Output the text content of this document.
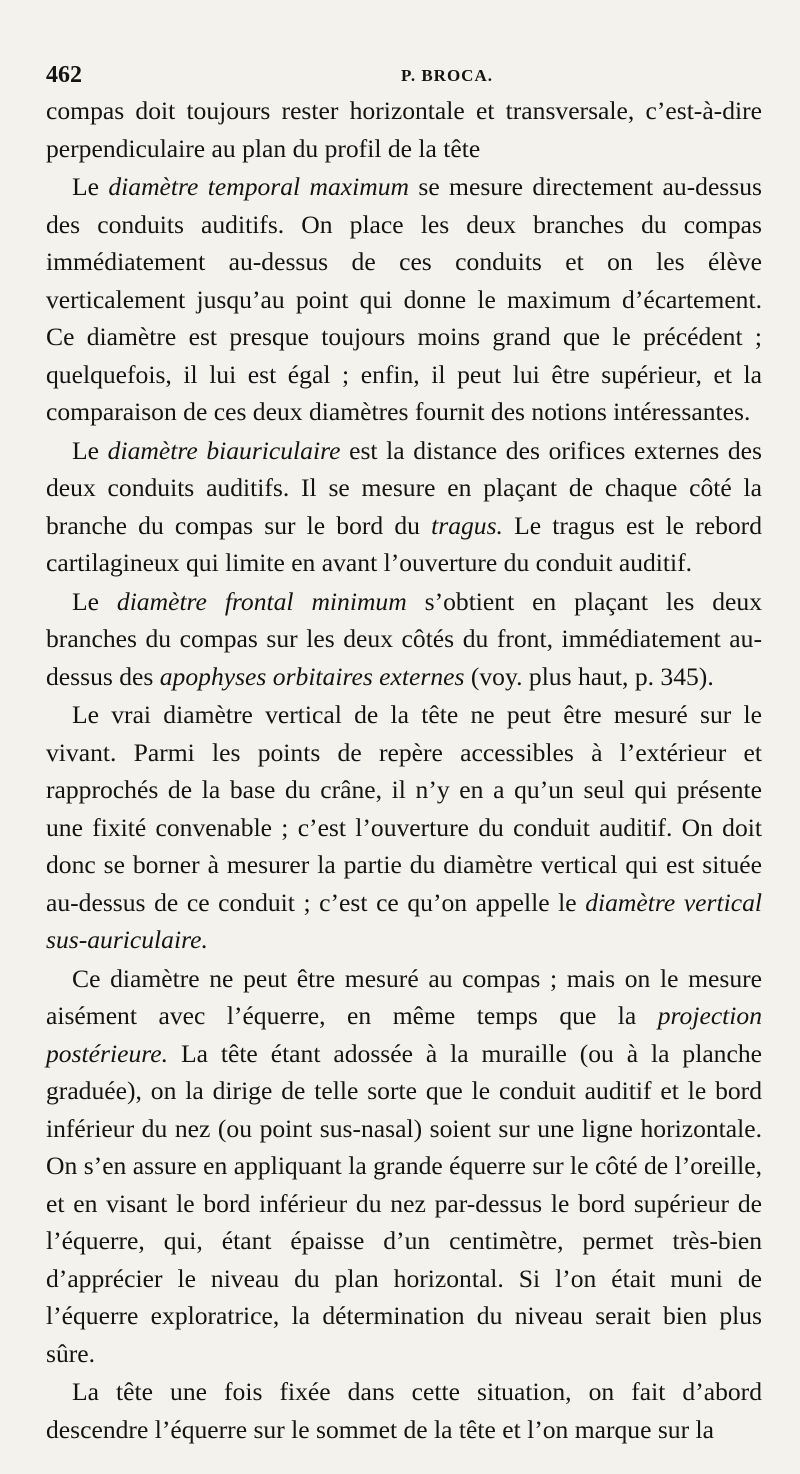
462	P. BROCA.

compas doit toujours rester horizontale et transversale, c’est-à-dire perpendiculaire au plan du profil de la tête

Le diamètre temporal maximum se mesure directement au-dessus des conduits auditifs. On place les deux branches du compas immédiatement au-dessus de ces conduits et on les élève verticalement jusqu’au point qui donne le maximum d’écartement. Ce diamètre est presque toujours moins grand que le précédent ; quelquefois, il lui est égal ; enfin, il peut lui être supérieur, et la comparaison de ces deux diamètres fournit des notions intéressantes.

Le diamètre biauriculaire est la distance des orifices externes des deux conduits auditifs. Il se mesure en plaçant de chaque côté la branche du compas sur le bord du tragus. Le tragus est le rebord cartilagineux qui limite en avant l’ouverture du conduit auditif.

Le diamètre frontal minimum s’obtient en plaçant les deux branches du compas sur les deux côtés du front, immédiatement au-dessus des apophyses orbitaires externes (voy. plus haut, p. 345).

Le vrai diamètre vertical de la tête ne peut être mesuré sur le vivant. Parmi les points de repère accessibles à l’extérieur et rapprochés de la base du crâne, il n’y en a qu’un seul qui présente une fixité convenable ; c’est l’ouverture du conduit auditif. On doit donc se borner à mesurer la partie du diamètre vertical qui est située au-dessus de ce conduit ; c’est ce qu’on appelle le diamètre vertical sus-auriculaire.

Ce diamètre ne peut être mesuré au compas ; mais on le mesure aisément avec l’équerre, en même temps que la projection postérieure. La tête étant adossée à la muraille (ou à la planche graduée), on la dirige de telle sorte que le conduit auditif et le bord inférieur du nez (ou point sus-nasal) soient sur une ligne horizontale. On s’en assure en appliquant la grande équerre sur le côté de l’oreille, et en visant le bord inférieur du nez par-dessus le bord supérieur de l’équerre, qui, étant épaisse d’un centimètre, permet très-bien d’apprécier le niveau du plan horizontal. Si l’on était muni de l’équerre exploratrice, la détermination du niveau serait bien plus sûre.

La tête une fois fixée dans cette situation, on fait d’abord descendre l’équerre sur le sommet de la tête et l’on marque sur la
